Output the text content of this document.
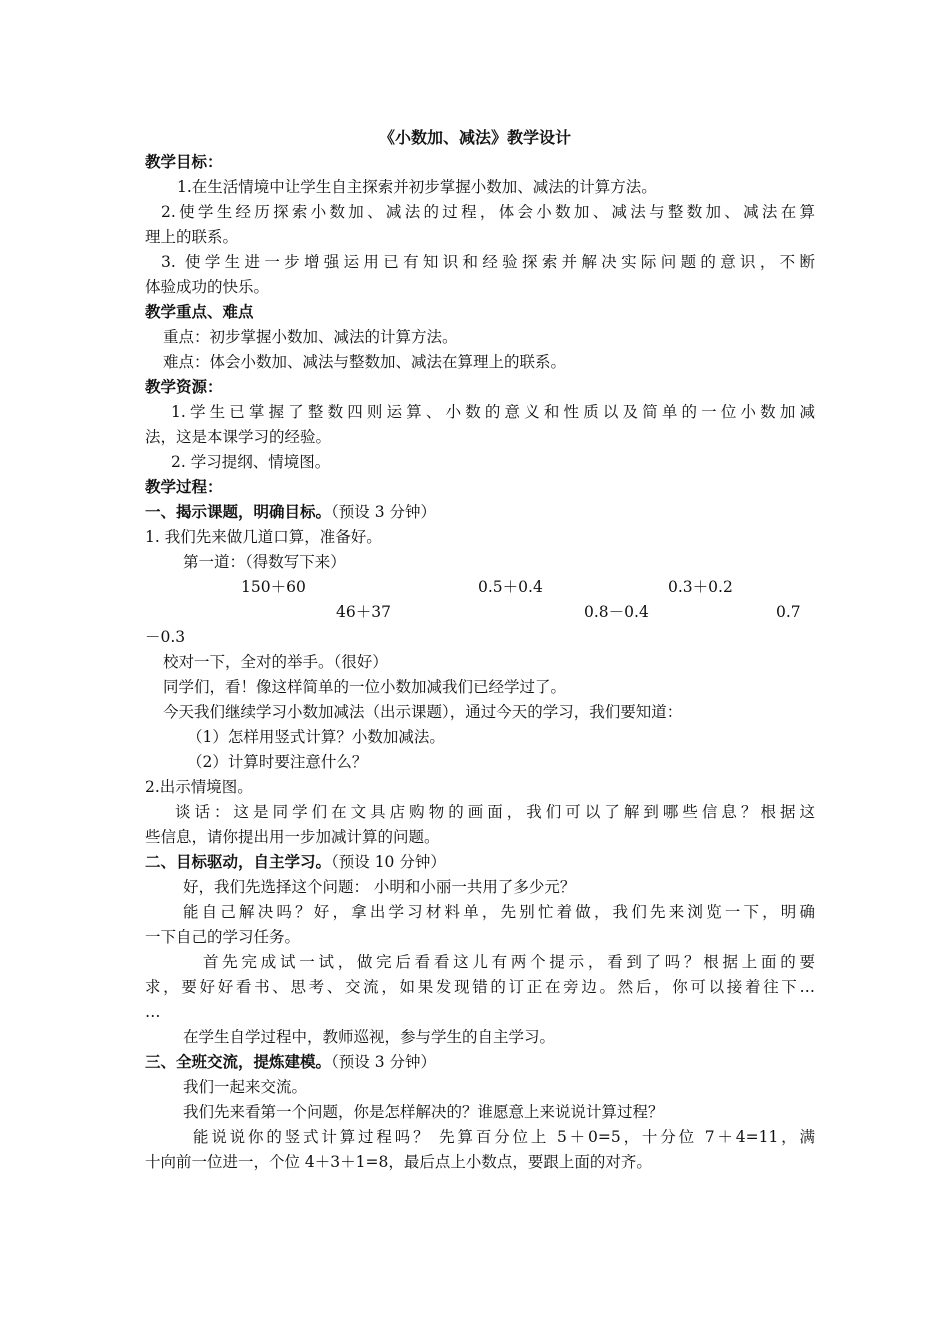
《小数加、减法》教学设计
教学目标：
1.在生活情境中让学生自主探索并初步掌握小数加、减法的计算方法。
2.使学生经历探索小数加、减法的过程，体会小数加、减法与整数加、减法在算
理上的联系。
3. 使学生进一步增强运用已有知识和经验探索并解决实际问题的意识，不断
体验成功的快乐。
教学重点、难点
重点：初步掌握小数加、减法的计算方法。
难点：体会小数加、减法与整数加、减法在算理上的联系。
教学资源：
1.学生已掌握了整数四则运算、小数的意义和性质以及简单的一位小数加减
法，这是本课学习的经验。
2. 学习提纲、情境图。
教学过程：
一、揭示课题，明确目标。（预设 3 分钟）
1. 我们先来做几道口算，准备好。
第一道：（得数写下来）
150＋60	0.5＋0.4	0.3＋0.2
46＋37	0.8－0.4	0.7
－0.3
校对一下，全对的举手。（很好）
同学们，看！像这样简单的一位小数加减我们已经学过了。
今天我们继续学习小数加减法（出示课题），通过今天的学习，我们要知道：
（1）怎样用竖式计算？小数加减法。
（2）计算时要注意什么？
2.出示情境图。
谈话：这是同学们在文具店购物的画面，我们可以了解到哪些信息？根据这
些信息，请你提出用一步加减计算的问题。
二、目标驱动，自主学习。（预设 10 分钟）
好，我们先选择这个问题： 小明和小丽一共用了多少元？
能自己解决吗？好，拿出学习材料单，先别忙着做，我们先来浏览一下，明确
一下自己的学习任务。
首先完成试一试，做完后看看这儿有两个提示，看到了吗？根据上面的要
求，要好好看书、思考、交流，如果发现错的订正在旁边。然后，你可以接着往下…
…
在学生自学过程中，教师巡视，参与学生的自主学习。
三、全班交流，提炼建模。（预设 3 分钟）
我们一起来交流。
我们先来看第一个问题，你是怎样解决的？谁愿意上来说说计算过程？
能说说你的竖式计算过程吗？ 先算百分位上 5＋0=5，十分位 7＋4=11，满
十向前一位进一，个位 4＋3＋1=8，最后点上小数点，要跟上面的对齐。
